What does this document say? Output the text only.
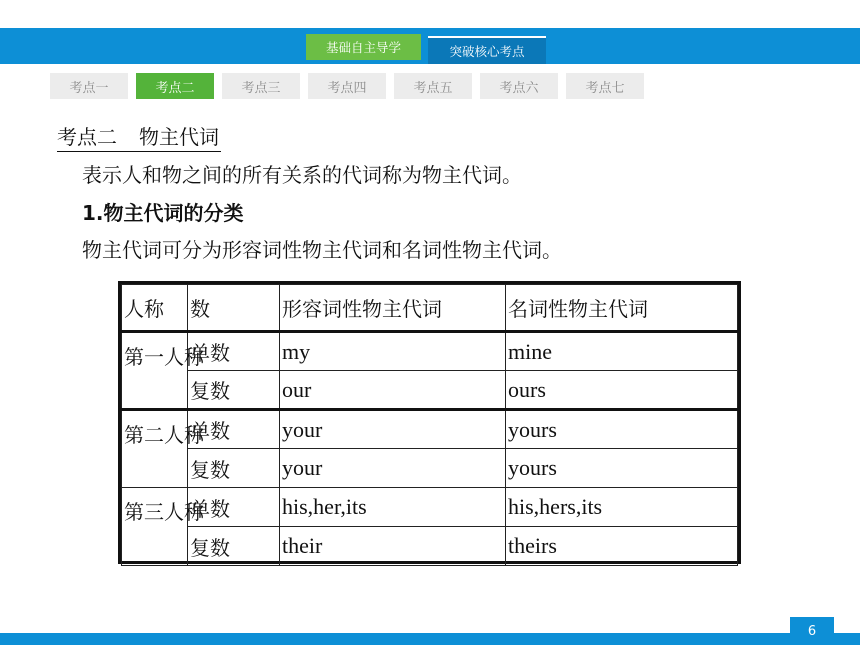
基础自主导学	突破核心考点
考点一	考点二	考点三	考点四	考点五	考点六	考点七
考点二 物主代词
表示人和物之间的所有关系的代词称为物主代词。
1.物主代词的分类
物主代词可分为形容词性物主代词和名词性物主代词。
人称	数	形容词性物主代词	名词性物主代词
第一人称	单数	my	mine
	复数	our	ours
第二人称	单数	your	yours
	复数	your	yours
第三人称	单数	his,her,its	his,hers,its
	复数	their	theirs
6
